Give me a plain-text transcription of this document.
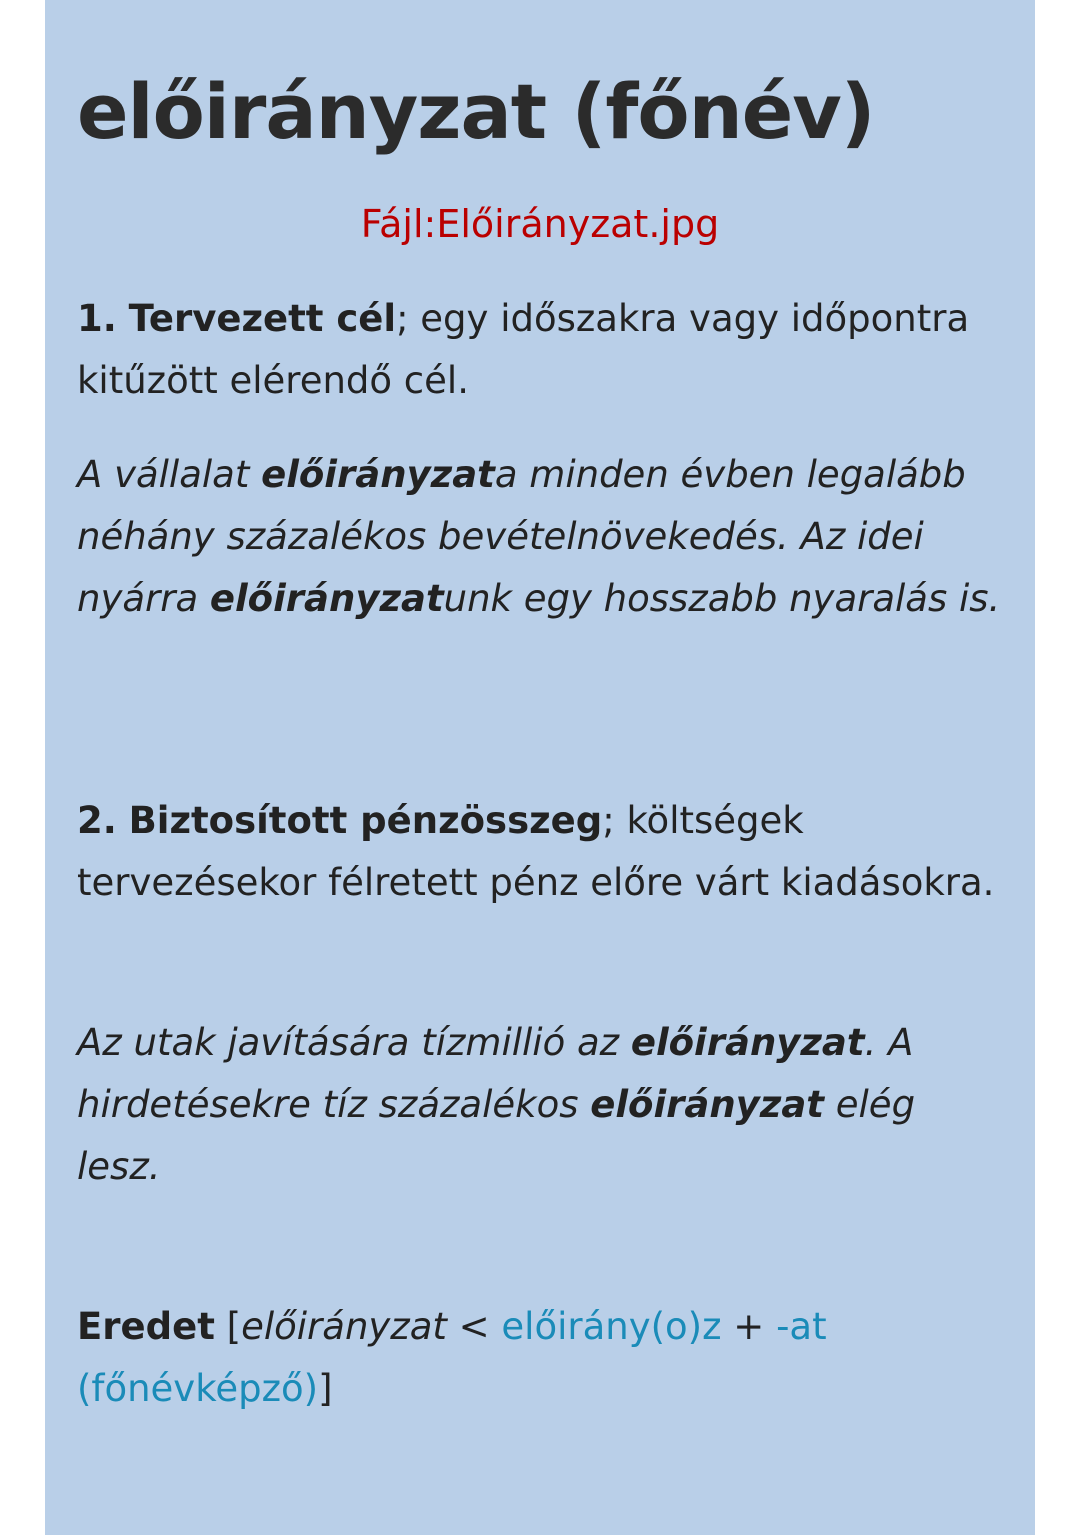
előirányzat (főnév)
Fájl:Előirányzat.jpg

1. Tervezett cél; egy időszakra vagy időpontra kitűzött elérendő cél.

A vállalat előirányzata minden évben legalább néhány százalékos bevételnövekedés. Az idei nyárra előirányzatunk egy hosszabb nyaralás is.

2. Biztosított pénzösszeg; költségek tervezésekor félretett pénz előre várt kiadásokra.

Az utak javítására tízmillió az előirányzat. A hirdetésekre tíz százalékos előirányzat elég lesz.

Eredet [előirányzat < előirány(o)z + -at (főnévképző)]
